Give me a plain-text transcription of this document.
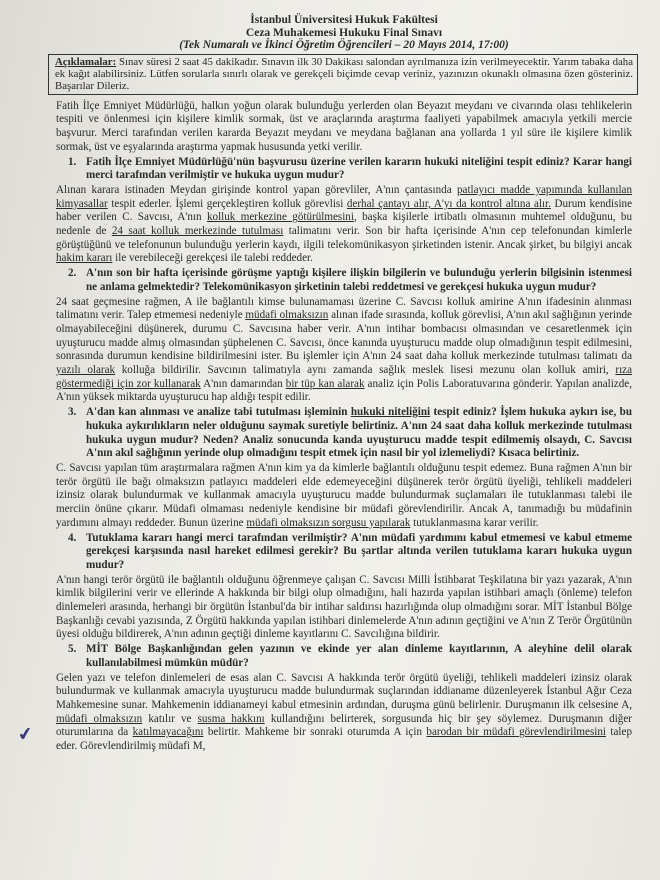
İstanbul Üniversitesi Hukuk Fakültesi
Ceza Muhakemesi Hukuku Final Sınavı
(Tek Numaralı ve İkinci Öğretim Öğrencileri – 20 Mayıs 2014, 17:00)
Açıklamalar: Sınav süresi 2 saat 45 dakikadır. Sınavın ilk 30 Dakikası salondan ayrılmanıza izin verilmeyecektir. Yarım tabaka daha ek kağıt alabilirsiniz. Lütfen sorularla sınırlı olarak ve gerekçeli biçimde cevap veriniz, yazınızın okunaklı olmasına özen gösteriniz. Başarılar Dileriz.

Fatih İlçe Emniyet Müdürlüğü, halkın yoğun olarak bulunduğu yerlerden olan Beyazıt meydanı ve civarında olası tehlikelerin tespiti ve önlenmesi için kişilere kimlik sormak, üst ve araçlarında araştırma faaliyeti yapabilmek amacıyla yetkili mercie başvurur. Merci tarafından verilen kararda Beyazıt meydanı ve meydana bağlanan ana yollarda 1 yıl süre ile kişilere kimlik sormak, üst ve eşyalarında araştırma yapmak hususunda yetki verilir.

1. Fatih İlçe Emniyet Müdürlüğü'nün başvurusu üzerine verilen kararın hukuki niteliğini tespit ediniz? Karar hangi merci tarafından verilmiştir ve hukuka uygun mudur?

Alınan karara istinaden Meydan girişinde kontrol yapan görevliler, A'nın çantasında patlayıcı madde yapımında kullanılan kimyasallar tespit ederler. İşlemi gerçekleştiren kolluk görevlisi derhal çantayı alır, A'yı da kontrol altına alır. Durum kendisine haber verilen C. Savcısı, A'nın kolluk merkezine götürülmesini, başka kişilerle irtibatlı olmasının muhtemel olduğunu, bu nedenle de 24 saat kolluk merkezinde tutulması talimatını verir. Son bir hafta içerisinde A'nın cep telefonundan kimlerle görüştüğünü ve telefonunun bulunduğu yerlerin kaydı, ilgili telekomünikasyon şirketinden istenir. Ancak şirket, bu bilgiyi ancak hakim kararı ile verebileceği gerekçesi ile talebi reddeder.

2. A'nın son bir hafta içerisinde görüşme yaptığı kişilere ilişkin bilgilerin ve bulunduğu yerlerin bilgisinin istenmesi ne anlama gelmektedir? Telekomünikasyon şirketinin talebi reddetmesi ve gerekçesi hukuka uygun mudur?

24 saat geçmesine rağmen, A ile bağlantılı kimse bulunamaması üzerine C. Savcısı kolluk amirine A'nın ifadesinin alınması talimatını verir. Talep etmemesi nedeniyle müdafi olmaksızın alınan ifade sırasında, kolluk görevlisi, A'nın akıl sağlığının yerinde olmayabileceğini düşünerek, durumu C. Savcısına haber verir. A'nın intihar bombacısı olmasından ve cesaretlenmek için uyuşturucu madde almış olmasından şüphelenen C. Savcısı, önce kanında uyuşturucu madde olup olmadığının tespit edilmesini, sonrasında durumun kendisine bildirilmesini ister. Bu işlemler için A'nın 24 saat daha kolluk merkezinde tutulması talimatı da yazılı olarak kolluğa bildirilir. Savcının talimatıyla aynı zamanda sağlık meslek lisesi mezunu olan kolluk amiri, rıza göstermediği için zor kullanarak A'nın damarından bir tüp kan alarak analiz için Polis Laboratuvarına gönderir. Yapılan analizde, A'nın yüksek miktarda uyuşturucu hap aldığı tespit edilir.

3. A'dan kan alınması ve analize tabi tutulması işleminin hukuki niteliğini tespit ediniz? İşlem hukuka aykırı ise, bu hukuka aykırılıkların neler olduğunu saymak suretiyle belirtiniz. A'nın 24 saat daha kolluk merkezinde tutulması hukuka uygun mudur? Neden? Analiz sonucunda kanda uyuşturucu madde tespit edilmemiş olsaydı, C. Savcısı A'nın akıl sağlığının yerinde olup olmadığını tespit etmek için nasıl bir yol izlemeliydi? Kısaca belirtiniz.

C. Savcısı yapılan tüm araştırmalara rağmen A'nın kim ya da kimlerle bağlantılı olduğunu tespit edemez. Buna rağmen A'nın bir terör örgütü ile bağı olmaksızın patlayıcı maddeleri elde edemeyeceğini düşünerek terör örgütü üyeliği, tehlikeli maddeleri izinsiz olarak bulundurmak ve kullanmak amacıyla uyuşturucu madde bulundurmak suçlamaları ile tutuklanması talebi ile merciin önüne çıkarır. Müdafi olmaması nedeniyle kendisine bir müdafi görevlendirilir. Ancak A, tanımadığı bu müdafinin yardımını almayı reddeder. Bunun üzerine müdafi olmaksızın sorgusu yapılarak tutuklanmasına karar verilir.

4. Tutuklama kararı hangi merci tarafından verilmiştir? A'nın müdafi yardımını kabul etmemesi ve kabul etmeme gerekçesi karşısında nasıl hareket edilmesi gerekir? Bu şartlar altında verilen tutuklama kararı hukuka uygun mudur?

A'nın hangi terör örgütü ile bağlantılı olduğunu öğrenmeye çalışan C. Savcısı Milli İstihbarat Teşkilatına bir yazı yazarak, A'nın kimlik bilgilerini verir ve ellerinde A hakkında bir bilgi olup olmadığını, hali hazırda yapılan istihbari amaçlı (önleme) telefon dinlemeleri arasında, herhangi bir örgütün İstanbul'da bir intihar saldırısı hazırlığında olup olmadığını sorar. MİT İstanbul Bölge Başkanlığı cevabi yazısında, Z Örgütü hakkında yapılan istihbari dinlemelerde A'nın adının geçtiğini ve A'nın Z Terör Örgütünün üyesi olduğu bildirerek, A'nın adının geçtiği dinleme kayıtlarını C. Savcılığına bildirir.

5. MİT Bölge Başkanlığından gelen yazının ve ekinde yer alan dinleme kayıtlarının, A aleyhine delil olarak kullanılabilmesi mümkün müdür?

Gelen yazı ve telefon dinlemeleri de esas alan C. Savcısı A hakkında terör örgütü üyeliği, tehlikeli maddeleri izinsiz olarak bulundurmak ve kullanmak amacıyla uyuşturucu madde bulundurmak suçlarından iddianame düzenleyerek İstanbul Ağır Ceza Mahkemesine sunar. Mahkemenin iddianameyi kabul etmesinin ardından, duruşma günü belirlenir. Duruşmanın ilk celsesine A, müdafi olmaksızın katılır ve susma hakkını kullandığını belirterek, sorgusunda hiç bir şey söylemez. Duruşmanın diğer oturumlarına da katılmayacağını belirtir. Mahkeme bir sonraki oturumda A için barodan bir müdafi görevlendirilmesini talep eder. Görevlendirilmiş müdafi M,

✔
